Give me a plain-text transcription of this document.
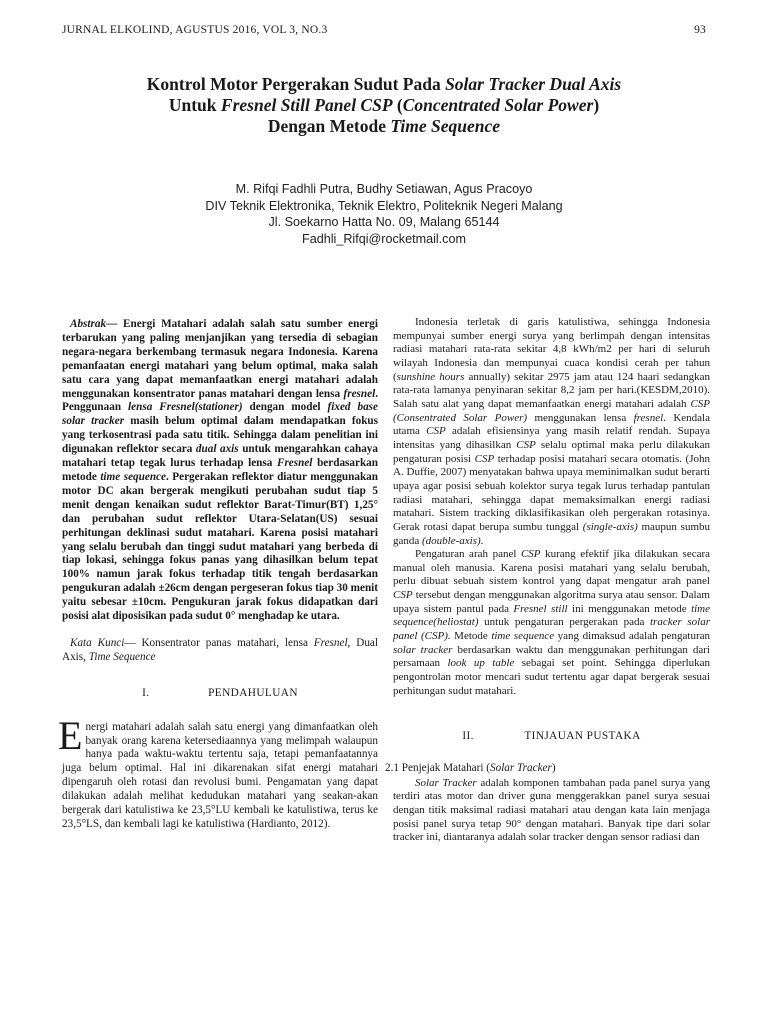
JURNAL ELKOLIND, AGUSTUS 2016, VOL 3, NO.3	93
Kontrol Motor Pergerakan Sudut Pada Solar Tracker Dual Axis
Untuk Fresnel Still Panel CSP (Concentrated Solar Power)
Dengan Metode Time Sequence
M. Rifqi Fadhli Putra, Budhy Setiawan, Agus Pracoyo
DIV Teknik Elektronika, Teknik Elektro, Politeknik Negeri Malang
Jl. Soekarno Hatta No. 09, Malang 65144
Fadhli_Rifqi@rocketmail.com

Abstrak— Energi Matahari adalah salah satu sumber energi terbarukan yang paling menjanjikan yang tersedia di sebagian negara-negara berkembang termasuk negara Indonesia. Karena pemanfaatan energi matahari yang belum optimal, maka salah satu cara yang dapat memanfaatkan energi matahari adalah menggunakan konsentrator panas matahari dengan lensa fresnel. Penggunaan lensa Fresnel(stationer) dengan model fixed base solar tracker masih belum optimal dalam mendapatkan fokus yang terkosentrasi pada satu titik. Sehingga dalam penelitian ini digunakan reflektor secara dual axis untuk mengarahkan cahaya matahari tetap tegak lurus terhadap lensa Fresnel berdasarkan metode time sequence. Pergerakan reflektor diatur menggunakan motor DC akan bergerak mengikuti perubahan sudut tiap 5 menit dengan kenaikan sudut reflektor Barat-Timur(BT) 1,25° dan perubahan sudut reflektor Utara-Selatan(US) sesuai perhitungan deklinasi sudut matahari. Karena posisi matahari yang selalu berubah dan tinggi sudut matahari yang berbeda di tiap lokasi, sehingga fokus panas yang dihasilkan belum tepat 100% namun jarak fokus terhadap titik tengah berdasarkan pengukuran adalah ±26cm dengan pergeseran fokus tiap 30 menit yaitu sebesar ±10cm. Pengukuran jarak fokus didapatkan dari posisi alat diposisikan pada sudut 0° menghadap ke utara.

Kata Kunci— Konsentrator panas matahari, lensa Fresnel, Dual Axis, Time Sequence

I.	PENDAHULUAN

Energi matahari adalah salah satu energi yang dimanfaatkan oleh banyak orang karena ketersediaannya yang melimpah walaupun hanya pada waktu-waktu tertentu saja, tetapi pemanfaatannya juga belum optimal. Hal ini dikarenakan sifat energi matahari dipengaruh oleh rotasi dan revolusi bumi. Pengamatan yang dapat dilakukan adalah melihat kedudukan matahari yang seakan-akan bergerak dari katulistiwa ke 23,5°LU kembali ke katulistiwa, terus ke 23,5°LS, dan kembali lagi ke katulistiwa (Hardianto, 2012).

Indonesia terletak di garis katulistiwa, sehingga Indonesia mempunyai sumber energi surya yang berlimpah dengan intensitas radiasi matahari rata-rata sekitar 4,8 kWh/m2 per hari di seluruh wilayah Indonesia dan mempunyai cuaca kondisi cerah per tahun (sunshine hours annually) sekitar 2975 jam atau 124 haari sedangkan rata-rata lamanya penyinaran sekitar 8,2 jam per hari.(KESDM,2010). Salah satu alat yang dapat memanfaatkan energi matahari adalah CSP (Consentrated Solar Power) menggunakan lensa fresnel. Kendala utama CSP adalah efisiensinya yang masih relatif rendah. Supaya intensitas yang dihasilkan CSP selalu optimal maka perlu dilakukan pengaturan posisi CSP terhadap posisi matahari secara otomatis. (John A. Duffie, 2007) menyatakan bahwa upaya meminimalkan sudut berarti upaya agar posisi sebuah kolektor surya tegak lurus terhadap pantulan radiasi matahari, sehingga dapat memaksimalkan energi radiasi matahari. Sistem tracking diklasifikasikan oleh pergerakan rotasinya. Gerak rotasi dapat berupa sumbu tunggal (single-axis) maupun sumbu ganda (double-axis).

Pengaturan arah panel CSP kurang efektif jika dilakukan secara manual oleh manusia. Karena posisi matahari yang selalu berubah, perlu dibuat sebuah sistem kontrol yang dapat mengatur arah panel CSP tersebut dengan menggunakan algoritma surya atau sensor. Dalam upaya sistem pantul pada Fresnel still ini menggunakan metode time sequence(heliostat) untuk pengaturan pergerakan pada tracker solar panel (CSP). Metode time sequence yang dimaksud adalah pengaturan solar tracker berdasarkan waktu dan menggunakan perhitungan dari persamaan look up table sebagai set point. Sehingga diperlukan pengontrolan motor mencari sudut tertentu agar dapat bergerak sesuai perhitungan sudut matahari.

II.	TINJAUAN PUSTAKA
2.1 Penjejak Matahari (Solar Tracker)

Solar Tracker adalah komponen tambahan pada panel surya yang terdiri atas motor dan driver guna menggerakkan panel surya sesuai dengan titik maksimal radiasi matahari atau dengan kata lain menjaga posisi panel surya tetap 90° dengan matahari. Banyak tipe dari solar tracker ini, diantaranya adalah solar tracker dengan sensor radiasi dan
